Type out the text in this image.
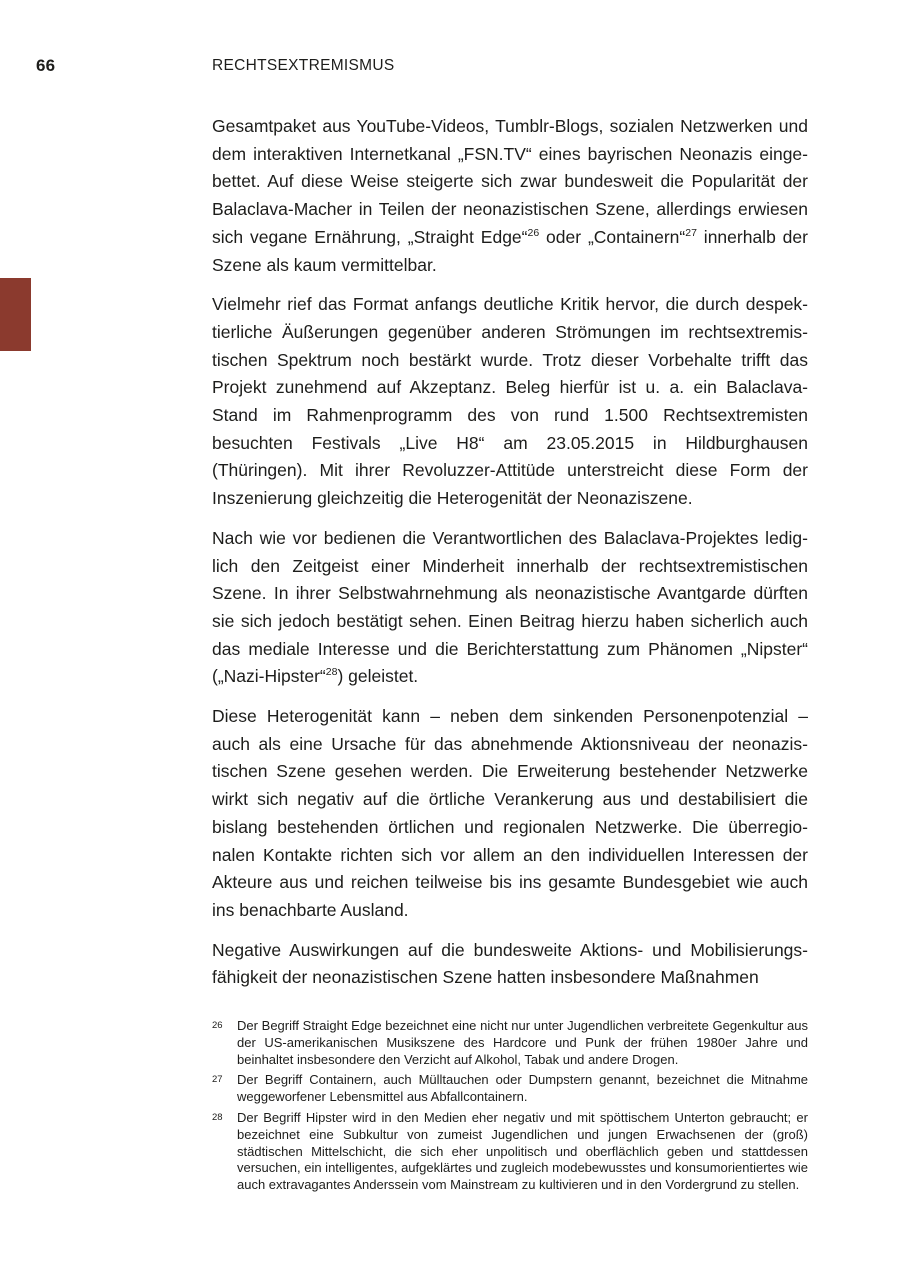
66	RECHTSEXTREMISMUS

Gesamtpaket aus YouTube-Videos, Tumblr-Blogs, sozialen Netzwerken und dem interaktiven Internetkanal „FSN.TV“ eines bayrischen Neonazis eingebettet. Auf diese Weise steigerte sich zwar bundesweit die Popularität der Balaclava-Macher in Teilen der neonazistischen Szene, allerdings erwiesen sich vegane Ernährung, „Straight Edge“$^{26}$ oder „Containern“$^{27}$ innerhalb der Szene als kaum vermittelbar.

Vielmehr rief das Format anfangs deutliche Kritik hervor, die durch despektierliche Äußerungen gegenüber anderen Strömungen im rechtsextremistischen Spektrum noch bestärkt wurde. Trotz dieser Vorbehalte trifft das Projekt zunehmend auf Akzeptanz. Beleg hierfür ist u. a. ein Balaclava-Stand im Rahmenprogramm des von rund 1.500 Rechtsextremisten besuchten Festivals „Live H8“ am 23.05.2015 in Hildburghausen (Thüringen). Mit ihrer Revoluzzer-Attitüde unterstreicht diese Form der Inszenierung gleichzeitig die Heterogenität der Neonaziszene.

Nach wie vor bedienen die Verantwortlichen des Balaclava-Projektes lediglich den Zeitgeist einer Minderheit innerhalb der rechtsextremistischen Szene. In ihrer Selbstwahrnehmung als neonazistische Avantgarde dürften sie sich jedoch bestätigt sehen. Einen Beitrag hierzu haben sicherlich auch das mediale Interesse und die Berichterstattung zum Phänomen „Nipster“ („Nazi-Hipster“$^{28}$) geleistet.

Diese Heterogenität kann – neben dem sinkenden Personenpotenzial – auch als eine Ursache für das abnehmende Aktionsniveau der neonazistischen Szene gesehen werden. Die Erweiterung bestehender Netzwerke wirkt sich negativ auf die örtliche Verankerung aus und destabilisiert die bislang bestehenden örtlichen und regionalen Netzwerke. Die überregionalen Kontakte richten sich vor allem an den individuellen Interessen der Akteure aus und reichen teilweise bis ins gesamte Bundesgebiet wie auch ins benachbarte Ausland.

Negative Auswirkungen auf die bundesweite Aktions- und Mobilisierungsfähigkeit der neonazistischen Szene hatten insbesondere Maßnahmen

26	Der Begriff Straight Edge bezeichnet eine nicht nur unter Jugendlichen verbreitete Gegenkultur aus der US-amerikanischen Musikszene des Hardcore und Punk der frühen 1980er Jahre und beinhaltet insbesondere den Verzicht auf Alkohol, Tabak und andere Drogen.
27	Der Begriff Containern, auch Mülltauchen oder Dumpstern genannt, bezeichnet die Mitnahme weggeworfener Lebensmittel aus Abfallcontainern.
28	Der Begriff Hipster wird in den Medien eher negativ und mit spöttischem Unterton gebraucht; er bezeichnet eine Subkultur von zumeist Jugendlichen und jungen Erwachsenen der (groß) städtischen Mittelschicht, die sich eher unpolitisch und oberflächlich geben und stattdessen versuchen, ein intelligentes, aufgeklärtes und zugleich modebewusstes und konsumorientiertes wie auch extravagantes Anderssein vom Mainstream zu kultivieren und in den Vordergrund zu stellen.
